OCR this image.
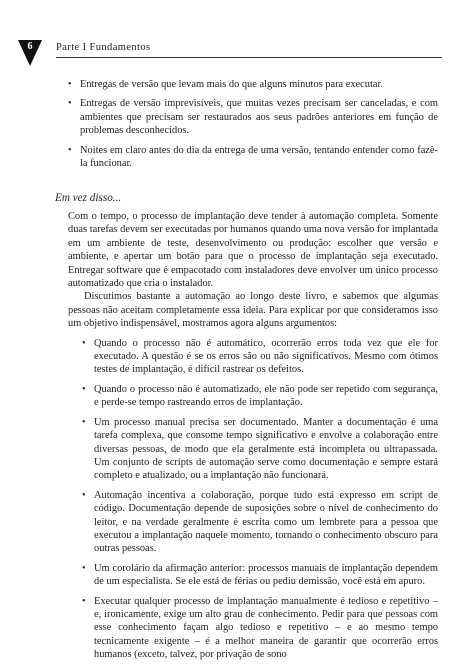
6	Parte I Fundamentos
• Entregas de versão que levam mais do que alguns minutos para executar.
• Entregas de versão imprevisíveis, que muitas vezes precisam ser canceladas, e com ambientes que precisam ser restaurados aos seus padrões anteriores em função de problemas desconhecidos.
• Noites em claro antes do dia da entrega de uma versão, tentando entender como fazê-la funcionar.
Em vez disso...

Com o tempo, o processo de implantação deve tender à automação completa. Somente duas tarefas devem ser executadas por humanos quando uma nova versão for implantada em um ambiente de teste, desenvolvimento ou produção: escolher que versão e ambiente, e apertar um botão para que o processo de implantação seja executado. Entregar software que é empacotado com instaladores deve envolver um único processo automatizado que cria o instalador.

Discutimos bastante a automação ao longo deste livro, e sabemos que algumas pessoas não aceitam completamente essa ideia. Para explicar por que consideramos isso um objetivo indispensável, mostramos agora alguns argumentos:

• Quando o processo não é automático, ocorrerão erros toda vez que ele for executado. A questão é se os erros são ou não significativos. Mesmo com ótimos testes de implantação, é difícil rastrear os defeitos.
• Quando o processo não é automatizado, ele não pode ser repetido com segurança, e perde-se tempo rastreando erros de implantação.
• Um processo manual precisa ser documentado. Manter a documentação é uma tarefa complexa, que consome tempo significativo e envolve a colaboração entre diversas pessoas, de modo que ela geralmente está incompleta ou ultrapassada. Um conjunto de scripts de automação serve como documentação e sempre estará completo e atualizado, ou a implantação não funcionará.
• Automação incentiva a colaboração, porque tudo está expresso em script de código. Documentação depende de suposições sobre o nível de conhecimento do leitor, e na verdade geralmente é escrita como um lembrete para a pessoa que executou a implantação naquele momento, tornando o conhecimento obscuro para outras pessoas.
• Um corolário da afirmação anterior: processos manuais de implantação dependem de um especialista. Se ele está de férias ou pediu demissão, você está em apuro.
• Executar qualquer processo de implantação manualmente é tedioso e repetitivo – e, ironicamente, exige um alto grau de conhecimento. Pedir para que pessoas com esse conhecimento façam algo tedioso e repetitivo – e ao mesmo tempo tecnicamente exigente – é a melhor maneira de garantir que ocorrerão erros humanos (exceto, talvez, por privação de sono
